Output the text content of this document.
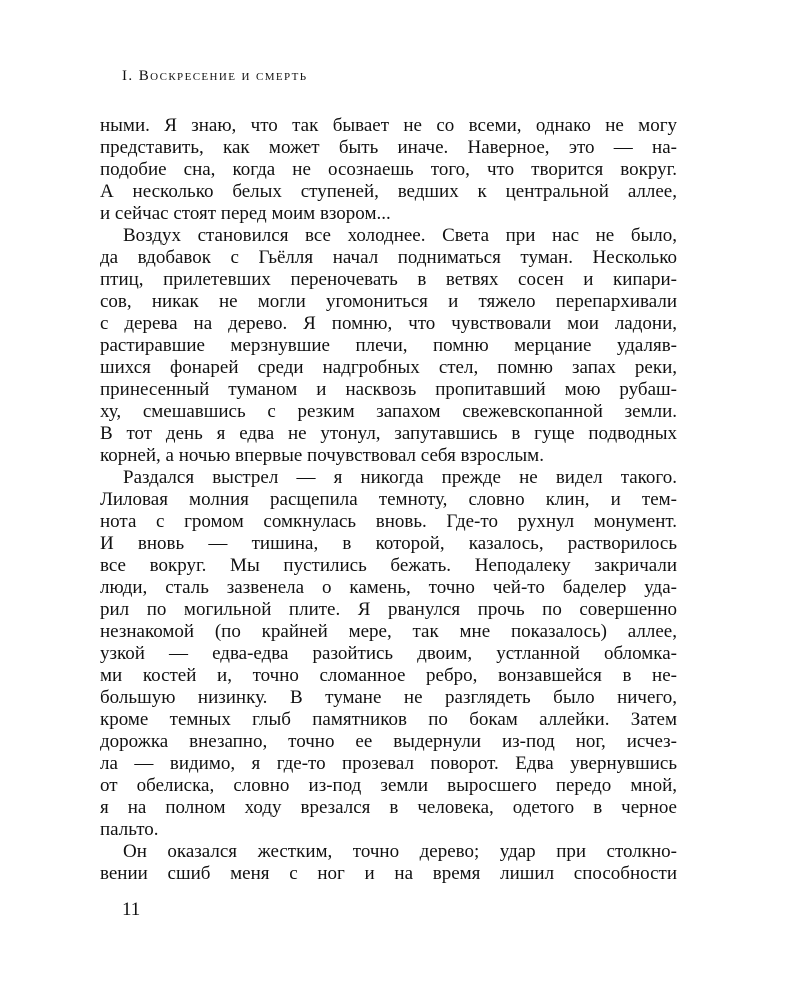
I. Воскресение и смерть
ными. Я знаю, что так бывает не со всеми, однако не могу
представить, как может быть иначе. Наверное, это — на-
подобие сна, когда не осознаешь того, что творится вокруг.
А несколько белых ступеней, ведших к центральной аллее,
и сейчас стоят перед моим взором...
Воздух становился все холоднее. Света при нас не было,
да вдобавок с Гьёлля начал подниматься туман. Несколько
птиц, прилетевших переночевать в ветвях сосен и кипари-
сов, никак не могли угомониться и тяжело перепархивали
с дерева на дерево. Я помню, что чувствовали мои ладони,
растиравшие мерзнувшие плечи, помню мерцание удаляв-
шихся фонарей среди надгробных стел, помню запах реки,
принесенный туманом и насквозь пропитавший мою рубаш-
ху, смешавшись с резким запахом свежевскопанной земли.
В тот день я едва не утонул, запутавшись в гуще подводных
корней, а ночью впервые почувствовал себя взрослым.
Раздался выстрел — я никогда прежде не видел такого.
Лиловая молния расщепила темноту, словно клин, и тем-
нота с громом сомкнулась вновь. Где-то рухнул монумент.
И вновь — тишина, в которой, казалось, растворилось
все вокруг. Мы пустились бежать. Неподалеку закричали
люди, сталь зазвенела о камень, точно чей-то баделер уда-
рил по могильной плите. Я рванулся прочь по совершенно
незнакомой (по крайней мере, так мне показалось) аллее,
узкой — едва-едва разойтись двоим, устланной обломка-
ми костей и, точно сломанное ребро, вонзавшейся в не-
большую низинку. В тумане не разглядеть было ничего,
кроме темных глыб памятников по бокам аллейки. Затем
дорожка внезапно, точно ее выдернули из-под ног, исчез-
ла — видимо, я где-то прозевал поворот. Едва увернувшись
от обелиска, словно из-под земли выросшего передо мной,
я на полном ходу врезался в человека, одетого в черное
пальто.
Он оказался жестким, точно дерево; удар при столкно-
вении сшиб меня с ног и на время лишил способности
11
